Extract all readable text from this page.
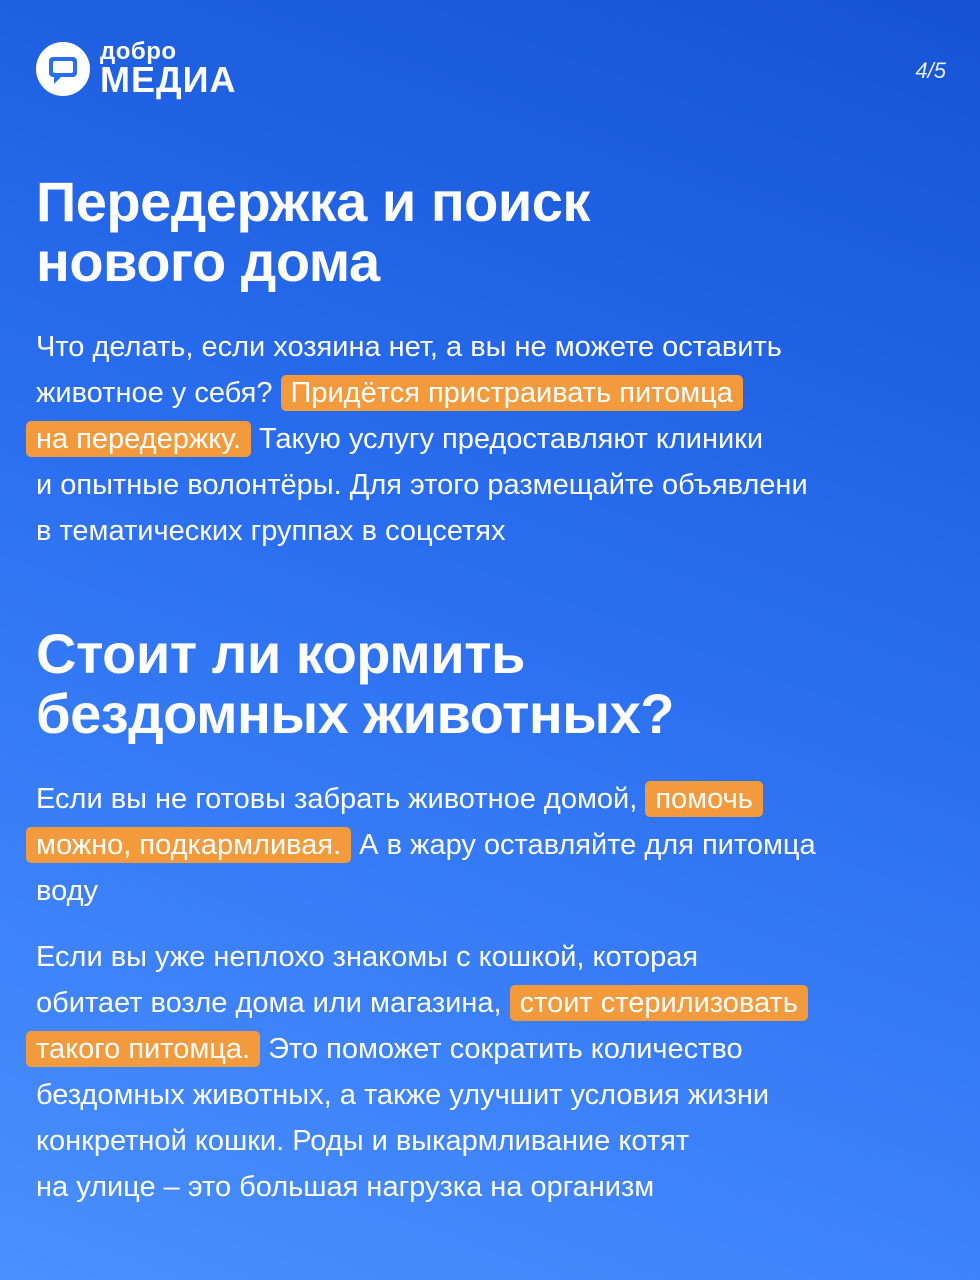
добро
МЕДИА	4/5
Передержка и поиск
нового дома

Что делать, если хозяина нет, а вы не можете оставить
животное у себя? Придётся пристраивать питомца
на передержку. Такую услугу предоставляют клиники
и опытные волонтёры. Для этого размещайте объявлени
в тематических группах в соцсетях

Стоит ли кормить
бездомных животных?

Если вы не готовы забрать животное домой, помочь
можно, подкармливая. А в жару оставляйте для питомца
воду

Если вы уже неплохо знакомы с кошкой, которая
обитает возле дома или магазина, стоит стерилизовать
такого питомца. Это поможет сократить количество
бездомных животных, а также улучшит условия жизни
конкретной кошки. Роды и выкармливание котят
на улице – это большая нагрузка на организм
